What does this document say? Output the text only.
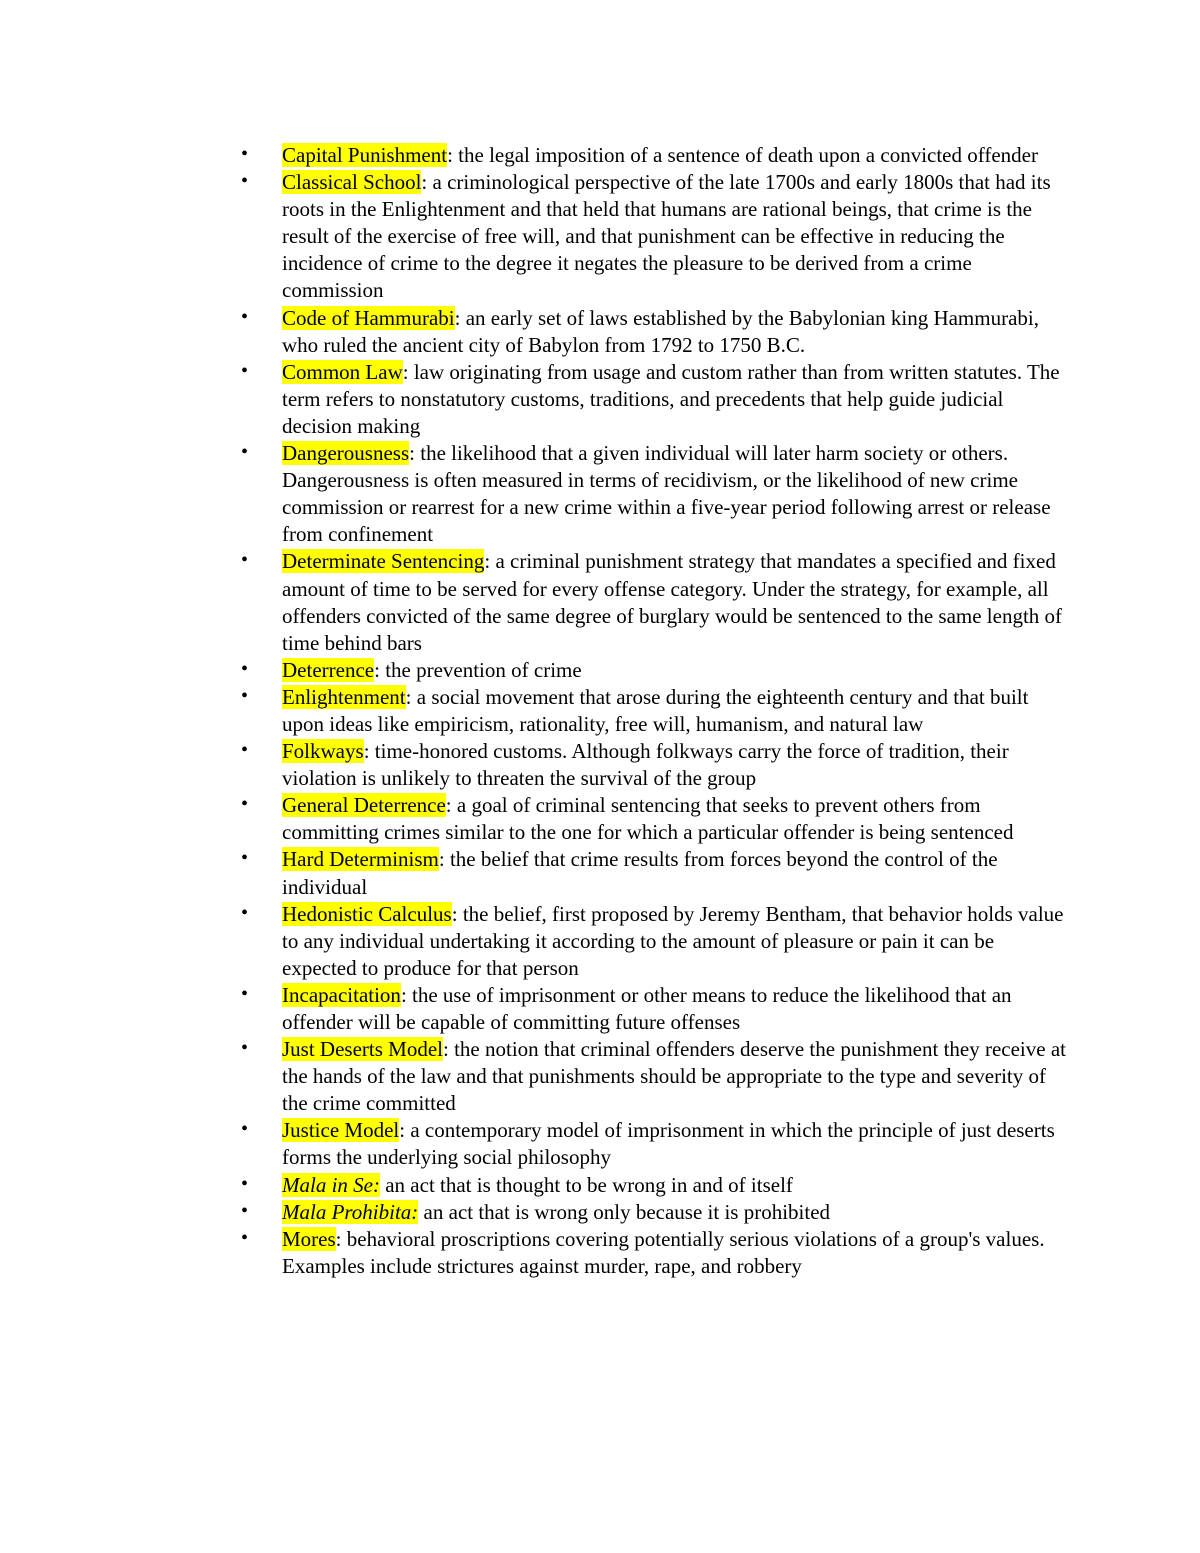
• Capital Punishment: the legal imposition of a sentence of death upon a convicted offender
• Classical School: a criminological perspective of the late 1700s and early 1800s that had its roots in the Enlightenment and that held that humans are rational beings, that crime is the result of the exercise of free will, and that punishment can be effective in reducing the incidence of crime to the degree it negates the pleasure to be derived from a crime commission
• Code of Hammurabi: an early set of laws established by the Babylonian king Hammurabi, who ruled the ancient city of Babylon from 1792 to 1750 B.C.
• Common Law: law originating from usage and custom rather than from written statutes. The term refers to nonstatutory customs, traditions, and precedents that help guide judicial decision making
• Dangerousness: the likelihood that a given individual will later harm society or others. Dangerousness is often measured in terms of recidivism, or the likelihood of new crime commission or rearrest for a new crime within a five-year period following arrest or release from confinement
• Determinate Sentencing: a criminal punishment strategy that mandates a specified and fixed amount of time to be served for every offense category. Under the strategy, for example, all offenders convicted of the same degree of burglary would be sentenced to the same length of time behind bars
• Deterrence: the prevention of crime
• Enlightenment: a social movement that arose during the eighteenth century and that built upon ideas like empiricism, rationality, free will, humanism, and natural law
• Folkways: time-honored customs. Although folkways carry the force of tradition, their violation is unlikely to threaten the survival of the group
• General Deterrence: a goal of criminal sentencing that seeks to prevent others from committing crimes similar to the one for which a particular offender is being sentenced
• Hard Determinism: the belief that crime results from forces beyond the control of the individual
• Hedonistic Calculus: the belief, first proposed by Jeremy Bentham, that behavior holds value to any individual undertaking it according to the amount of pleasure or pain it can be expected to produce for that person
• Incapacitation: the use of imprisonment or other means to reduce the likelihood that an offender will be capable of committing future offenses
• Just Deserts Model: the notion that criminal offenders deserve the punishment they receive at the hands of the law and that punishments should be appropriate to the type and severity of the crime committed
• Justice Model: a contemporary model of imprisonment in which the principle of just deserts forms the underlying social philosophy
• Mala in Se: an act that is thought to be wrong in and of itself
• Mala Prohibita: an act that is wrong only because it is prohibited
• Mores: behavioral proscriptions covering potentially serious violations of a group's values. Examples include strictures against murder, rape, and robbery
